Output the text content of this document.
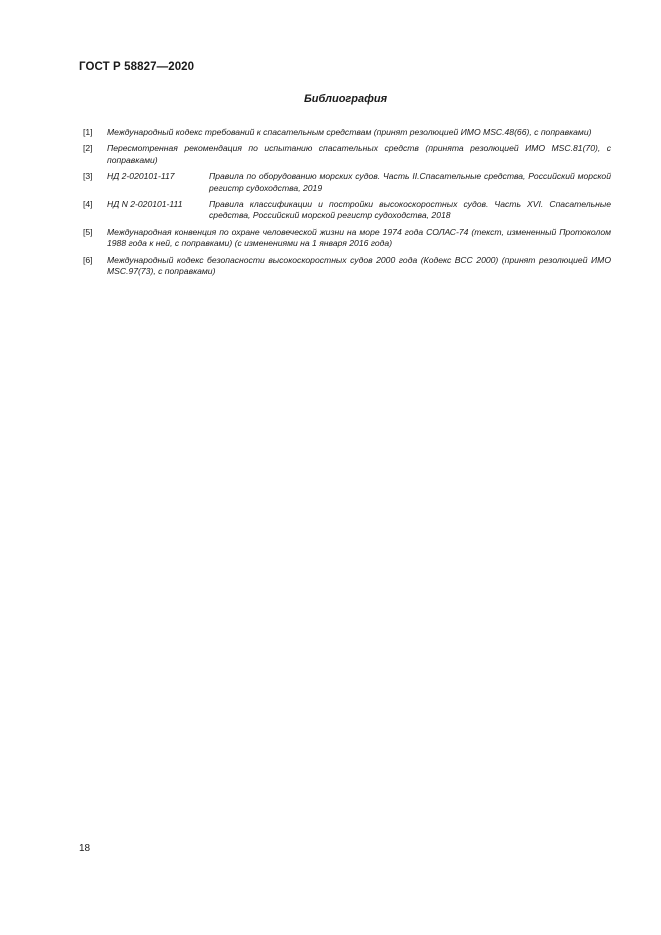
ГОСТ Р 58827—2020
Библиография
[1]	Международный кодекс требований к спасательным средствам (принят резолюцией ИМО MSC.48(66), с поправками)
[2]	Пересмотренная рекомендация по испытанию спасательных средств (принята резолюцией ИМО MSC.81(70), с поправками)
[3]	НД 2-020101-117	Правила по оборудованию морских судов. Часть II.Спасательные средства, Российский морской регистр судоходства, 2019
[4]	НД N 2-020101-111	Правила классификации и постройки высокоскоростных судов. Часть XVI. Спасательные средства, Российский морской регистр судоходства, 2018
[5]	Международная конвенция по охране человеческой жизни на море 1974 года СОЛАС-74 (текст, измененный Протоколом 1988 года к ней, с поправками) (с изменениями на 1 января 2016 года)
[6]	Международный кодекс безопасности высокоскоростных судов 2000 года (Кодекс ВСС 2000) (принят резолюцией ИМО MSC.97(73), с поправками)
18
